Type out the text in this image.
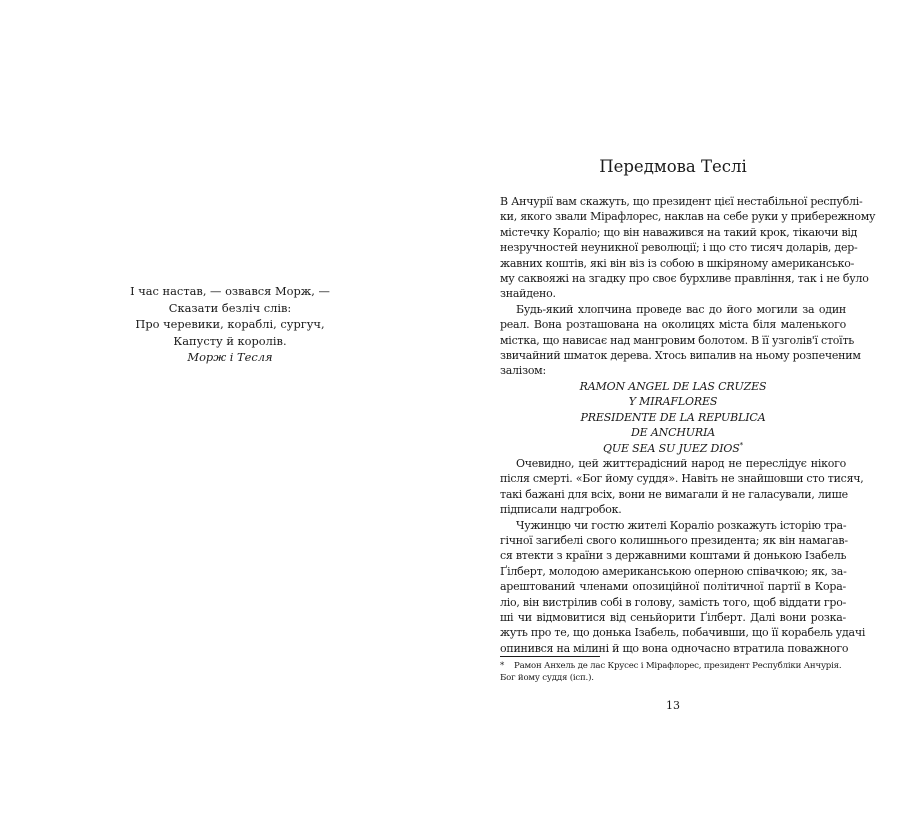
І час настав, — озвався Морж, —
Сказати безліч слів:
Про черевики, кораблі, сургуч,
Капусту й королів.
Морж і Тесля
Передмова Теслі
В Анчурії вам скажуть, що президент цієї нестабільної республі-
ки, якого звали Мірафлорес, наклав на себе руки у прибережному
містечку Кораліо; що він наважився на такий крок, тікаючи від
незручностей неуникної революції; і що сто тисяч доларів, дер-
жавних коштів, які він віз із собою в шкіряному американсько-
му саквояжі на згадку про своє бурхливе правління, так і не було
знайдено.
Будь-який хлопчина проведе вас до його могили за один
реал. Вона розташована на околицях міста біля маленького
містка, що нависає над мангровим болотом. В її узголів'ї стоїть
звичайний шматок дерева. Хтось випалив на ньому розпеченим
залізом:
RAMON ANGEL DE LAS CRUZES
Y MIRAFLORES
PRESIDENTE DE LA REPUBLICA
DE ANCHURIA
QUE SEA SU JUEZ DIOS*
Очевидно, цей життєрадісний народ не переслідує нікого
після смерті. «Бог йому суддя». Навіть не знайшовши сто тисяч,
такі бажані для всіх, вони не вимагали й не галасували, лише
підписали надгробок.
Чужинцю чи гостю жителі Кораліо розкажуть історію тра-
гічної загибелі свого колишнього президента; як він намагав-
ся втекти з країни з державними коштами й донькою Ізабель
Ґілберт, молодою американською оперною співачкою; як, за-
арештований членами опозиційної політичної партії в Кора-
ліо, він вистрілив собі в голову, замість того, щоб віддати гро-
ші чи відмовитися від сеньйорити Ґілберт. Далі вони розка-
жуть про те, що донька Ізабель, побачивши, що її корабель удачі
опинився на мілині й що вона одночасно втратила поважного
* Рамон Анхель де лас Крусес і Мірафлорес, президент Республіки Анчурія.
Бог йому суддя (ісп.).
13
